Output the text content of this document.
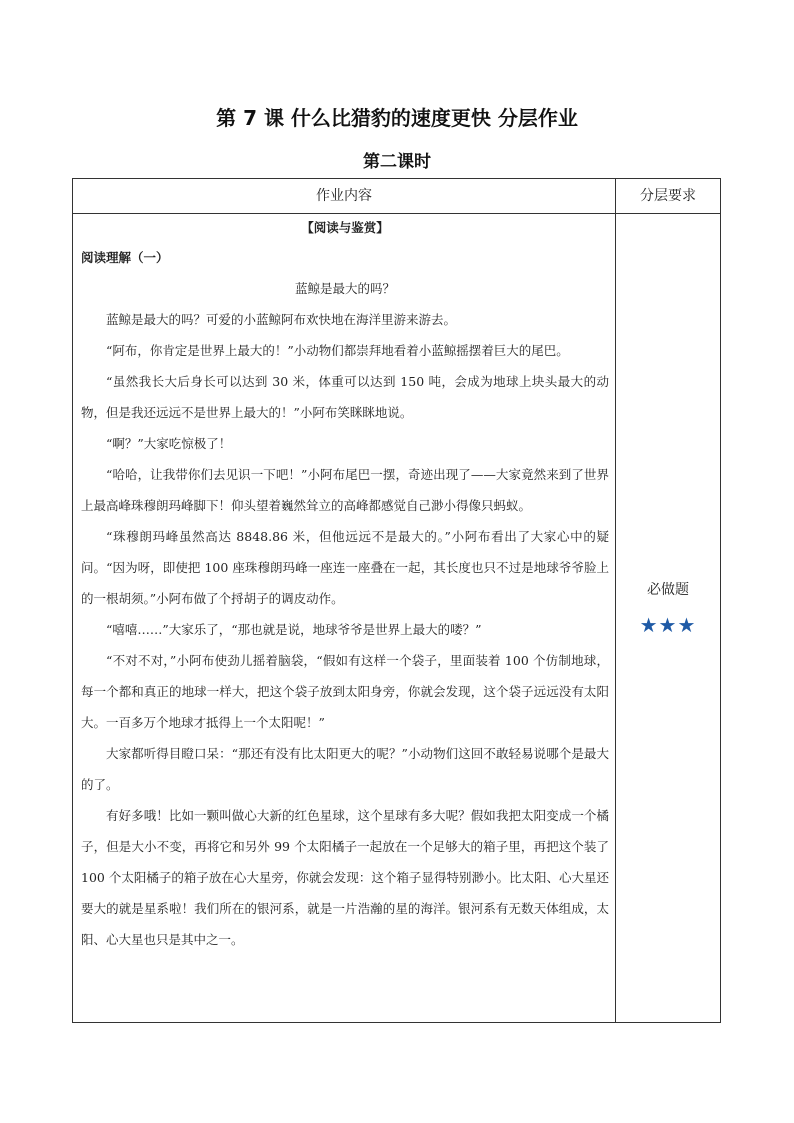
第 7 课 什么比猎豹的速度更快 分层作业
第二课时
作业内容	分层要求
【阅读与鉴赏】
阅读理解（一）
蓝鲸是最大的吗？

蓝鲸是最大的吗？可爱的小蓝鲸阿布欢快地在海洋里游来游去。

“阿布，你肯定是世界上最大的！”小动物们都崇拜地看着小蓝鲸摇摆着巨大的尾巴。

“虽然我长大后身长可以达到 30 米，体重可以达到 150 吨，会成为地球上块头最大的动物，但是我还远远不是世界上最大的！”小阿布笑眯眯地说。

“啊？”大家吃惊极了！

“哈哈，让我带你们去见识一下吧！”小阿布尾巴一摆，奇迹出现了——大家竟然来到了世界上最高峰珠穆朗玛峰脚下！仰头望着巍然耸立的高峰都感觉自己渺小得像只蚂蚁。

“珠穆朗玛峰虽然高达 8848.86 米，但他远远不是最大的。”小阿布看出了大家心中的疑问。“因为呀，即使把 100 座珠穆朗玛峰一座连一座叠在一起，其长度也只不过是地球爷爷脸上的一根胡须。”小阿布做了个捋胡子的调皮动作。

“嘻嘻……”大家乐了，“那也就是说，地球爷爷是世界上最大的喽？”

“不对不对，”小阿布使劲儿摇着脑袋，“假如有这样一个袋子，里面装着 100 个仿制地球，每一个都和真正的地球一样大，把这个袋子放到太阳身旁，你就会发现，这个袋子远远没有太阳大。一百多万个地球才抵得上一个太阳呢！”

大家都听得目瞪口呆：“那还有没有比太阳更大的呢？”小动物们这回不敢轻易说哪个是最大的了。

有好多哦！比如一颗叫做心大新的红色星球，这个星球有多大呢？假如我把太阳变成一个橘子，但是大小不变，再将它和另外 99 个太阳橘子一起放在一个足够大的箱子里，再把这个装了 100 个太阳橘子的箱子放在心大星旁，你就会发现：这个箱子显得特别渺小。比太阳、心大星还要大的就是星系啦！我们所在的银河系，就是一片浩瀚的星的海洋。银河系有无数天体组成，太阳、心大星也只是其中之一。

必做题
★★★
